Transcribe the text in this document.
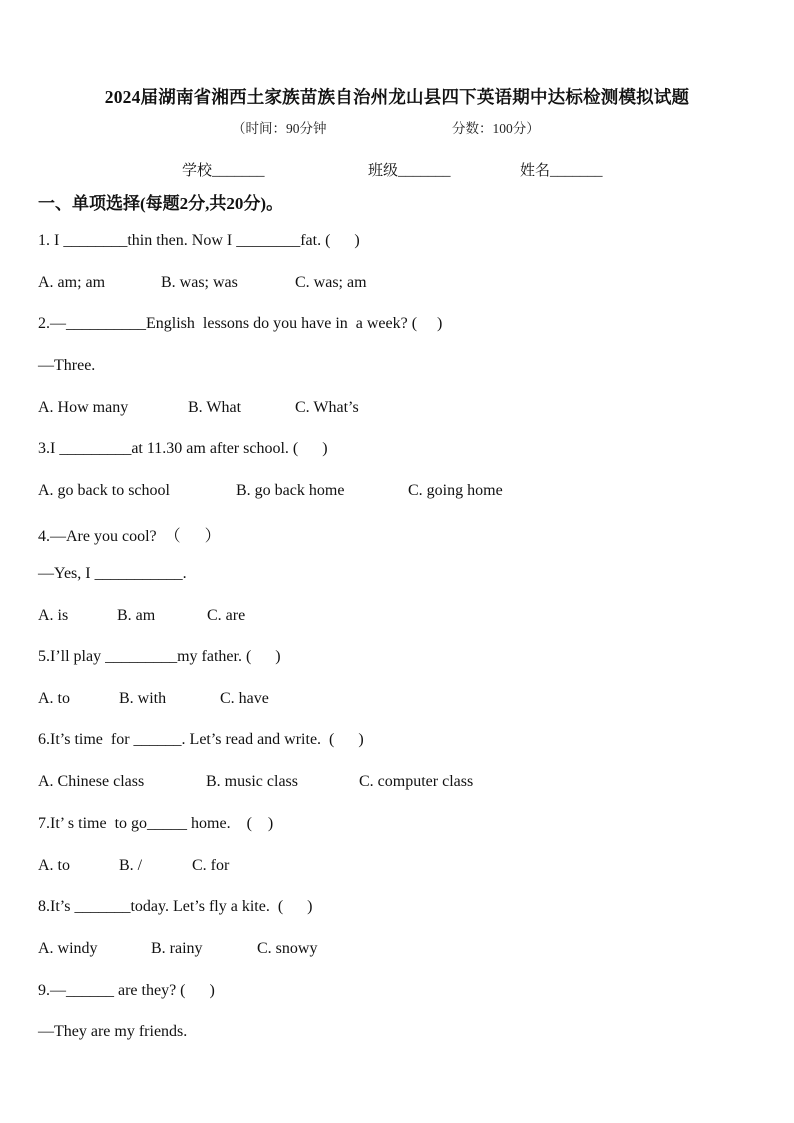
2024届湖南省湘西土家族苗族自治州龙山县四下英语期中达标检测模拟试题
（时间：90分钟	分数：100分）
学校_______	班级_______	姓名_______
一、单项选择(每题2分,共20分)。
1. I ________thin then. Now I ________fat. (      )
A. am; am	B. was; was	C. was; am
2.—__________English  lessons do you have in  a week? (     )
—Three.
A. How many	B. What	C. What’s
3.I _________at 11.30 am after school. (      )
A. go back to school	B. go back home	C. going home
4.—Are you cool?  （      ）
—Yes, I ___________.
A. is	B. am	C. are
5.I’ll play _________my father. (      )
A. to	B. with	C. have
6.It’s time  for ______. Let’s read and write.  (      )
A. Chinese class	B. music class	C. computer class
7.It’ s time  to go_____ home.    (    )
A. to	B. /	C. for
8.It’s _______today. Let’s fly a kite.  (      )
A. windy	B. rainy	C. snowy
9.—______ are they? (      )
—They are my friends.
